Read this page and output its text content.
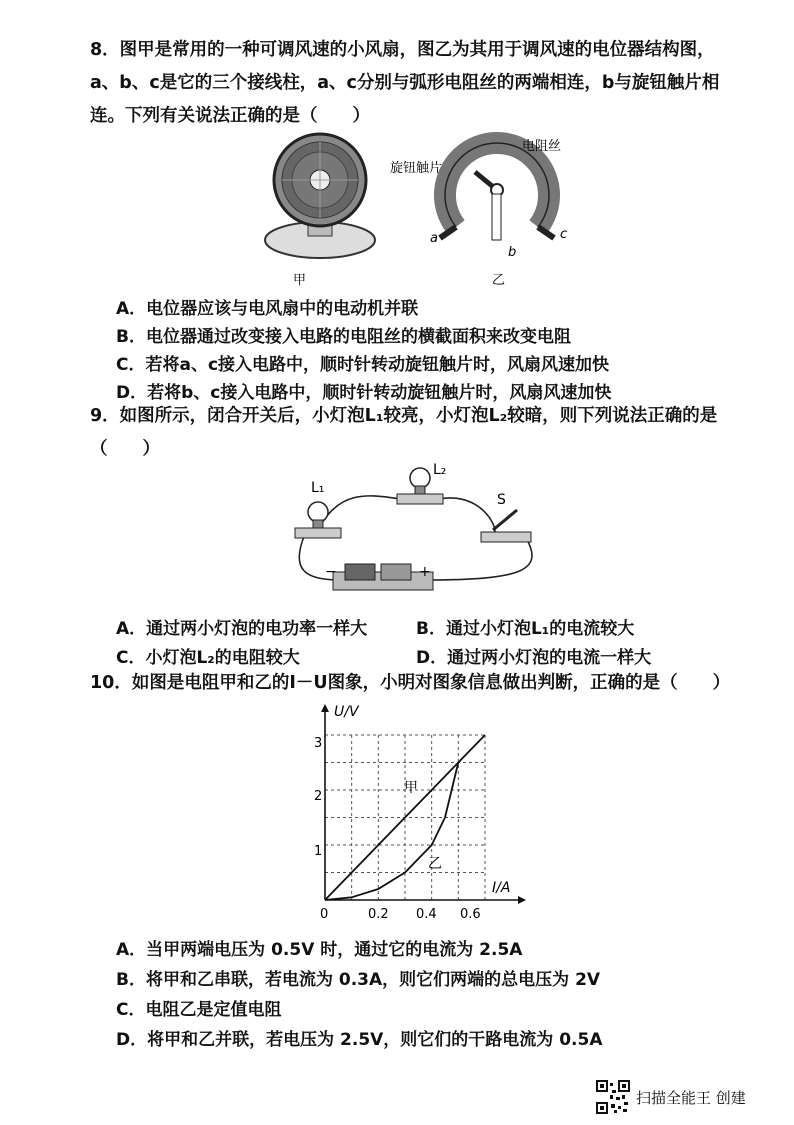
8．图甲是常用的一种可调风速的小风扇，图乙为其用于调风速的电位器结构图，a、b、c是它的三个接线柱，a、c分别与弧形电阻丝的两端相连，b与旋钮触片相连。下列有关说法正确的是（　　）
甲
电阻丝
旋钮触片
a
b
c
乙
A．电位器应该与电风扇中的电动机并联
B．电位器通过改变接入电路的电阻丝的横截面积来改变电阻
C．若将a、c接入电路中，顺时针转动旋钮触片时，风扇风速加快
D．若将b、c接入电路中，顺时针转动旋钮触片时，风扇风速加快
9．如图所示，闭合开关后，小灯泡L₁较亮，小灯泡L₂较暗，则下列说法正确的是（　　）
L₁
L₂
S
−	+
A．通过两小灯泡的电功率一样大	B．通过小灯泡L₁的电流较大
C．小灯泡L₂的电阻较大	D．通过两小灯泡的电流一样大
10．如图是电阻甲和乙的I－U图象，小明对图象信息做出判断，正确的是（　　）
U/V
I/A
0	0.2 0.4 0.6
1
2
3
甲
乙
A．当甲两端电压为 0.5V 时，通过它的电流为 2.5A
B．将甲和乙串联，若电流为 0.3A，则它们两端的总电压为 2V
C．电阻乙是定值电阻
D．将甲和乙并联，若电压为 2.5V，则它们的干路电流为 0.5A
扫描全能王 创建
